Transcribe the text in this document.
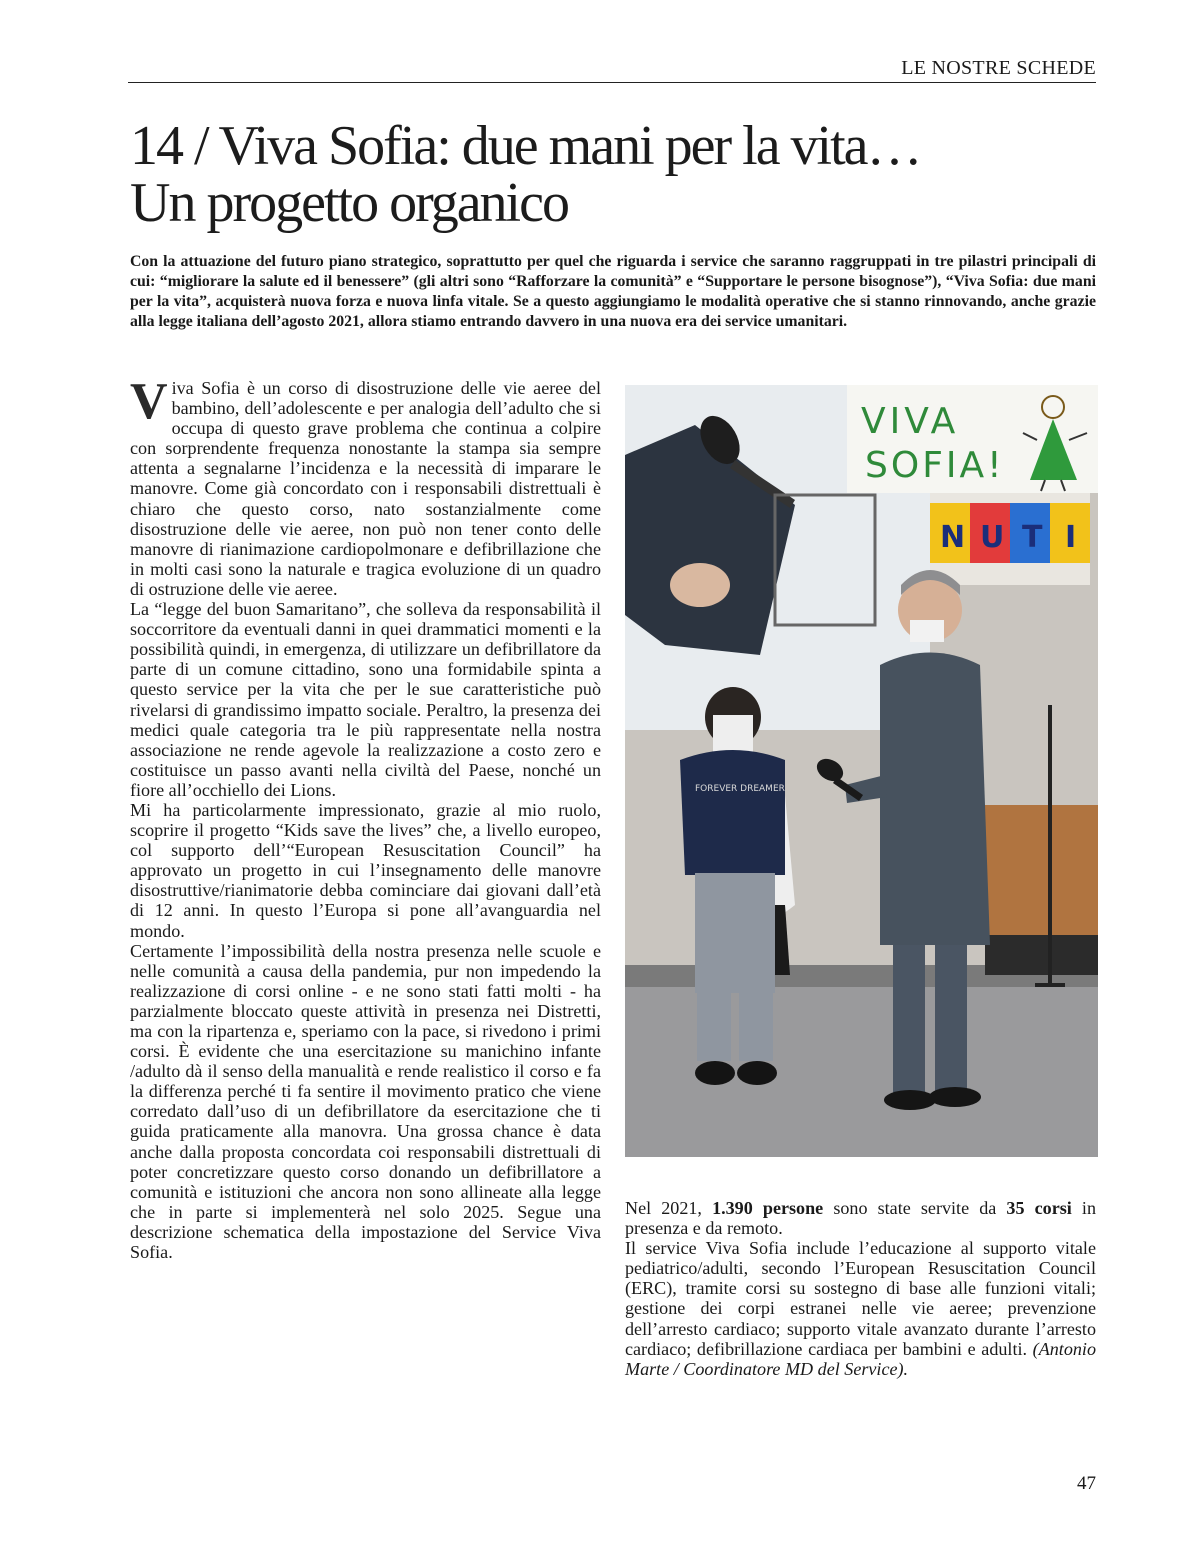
LE NOSTRE SCHEDE
14 / Viva Sofia: due mani per la vita…
Un progetto organico

Con la attuazione del futuro piano strategico, soprattutto per quel che riguarda i service che saranno raggruppati in tre pilastri principali di cui: “migliorare la salute ed il benessere” (gli altri sono “Rafforzare la comunità” e “Supportare le persone bisognose”), “Viva Sofia: due mani per la vita”, acquisterà nuova forza e nuova linfa vitale. Se a questo aggiungiamo le modalità operative che si stanno rinnovando, anche grazie alla legge italiana dell’agosto 2021, allora stiamo entrando davvero in una nuova era dei service umanitari.

Viva Sofia è un corso di disostruzione delle vie aeree del bambino, dell’adolescente e per analogia dell’adulto che si occupa di questo grave problema che continua a colpire con sorprendente frequenza nonostante la stampa sia sempre attenta a segnalarne l’incidenza e la necessità di imparare le manovre. Come già concordato con i responsabili distrettuali è chiaro che questo corso, nato sostanzialmente come disostruzione delle vie aeree, non può non tener conto delle manovre di rianimazione cardiopolmonare e defibrillazione che in molti casi sono la naturale e tragica evoluzione di un quadro di ostruzione delle vie aeree.

La “legge del buon Samaritano”, che solleva da responsabilità il soccorritore da eventuali danni in quei drammatici momenti e la possibilità quindi, in emergenza, di utilizzare un defibrillatore da parte di un comune cittadino, sono una formidabile spinta a questo service per la vita che per le sue caratteristiche può rivelarsi di grandissimo impatto sociale. Peraltro, la presenza dei medici quale categoria tra le più rappresentate nella nostra associazione ne rende agevole la realizzazione a costo zero e costituisce un passo avanti nella civiltà del Paese, nonché un fiore all’occhiello dei Lions.

Mi ha particolarmente impressionato, grazie al mio ruolo, scoprire il progetto “Kids save the lives” che, a livello europeo, col supporto dell’“European Resuscitation Council” ha approvato un progetto in cui l’insegnamento delle manovre disostruttive/rianimatorie debba cominciare dai giovani dall’età di 12 anni. In questo l’Europa si pone all’avanguardia nel mondo.

Certamente l’impossibilità della nostra presenza nelle scuole e nelle comunità a causa della pandemia, pur non impedendo la realizzazione di corsi online - e ne sono stati fatti molti - ha parzialmente bloccato queste attività in presenza nei Distretti, ma con la ripartenza e, speriamo con la pace, si rivedono i primi corsi. È evidente che una esercitazione su manichino infante /adulto dà il senso della manualità e rende realistico il corso e fa la differenza perché ti fa sentire il movimento pratico che viene corredato dall’uso di un defibrillatore da esercitazione che ti guida praticamente alla manovra. Una grossa chance è data anche dalla proposta concordata coi responsabili distrettuali di poter concretizzare questo corso donando un defibrillatore a comunità e istituzioni che ancora non sono allineate alla legge che in parte si implementerà nel solo 2025. Segue una descrizione schematica della impostazione del Service Viva Sofia.

VIVA
SOFIA!
N U T I
FOREVER DREAMER

Nel 2021, 1.390 persone sono state servite da 35 corsi in presenza e da remoto.

Il service Viva Sofia include l’educazione al supporto vitale pediatrico/adulti, secondo l’European Resuscitation Council (ERC), tramite corsi su sostegno di base alle funzioni vitali; gestione dei corpi estranei nelle vie aeree; prevenzione dell’arresto cardiaco; supporto vitale avanzato durante l’arresto cardiaco; defibrillazione cardiaca per bambini e adulti. (Antonio Marte / Coordinatore MD del Service).

47
